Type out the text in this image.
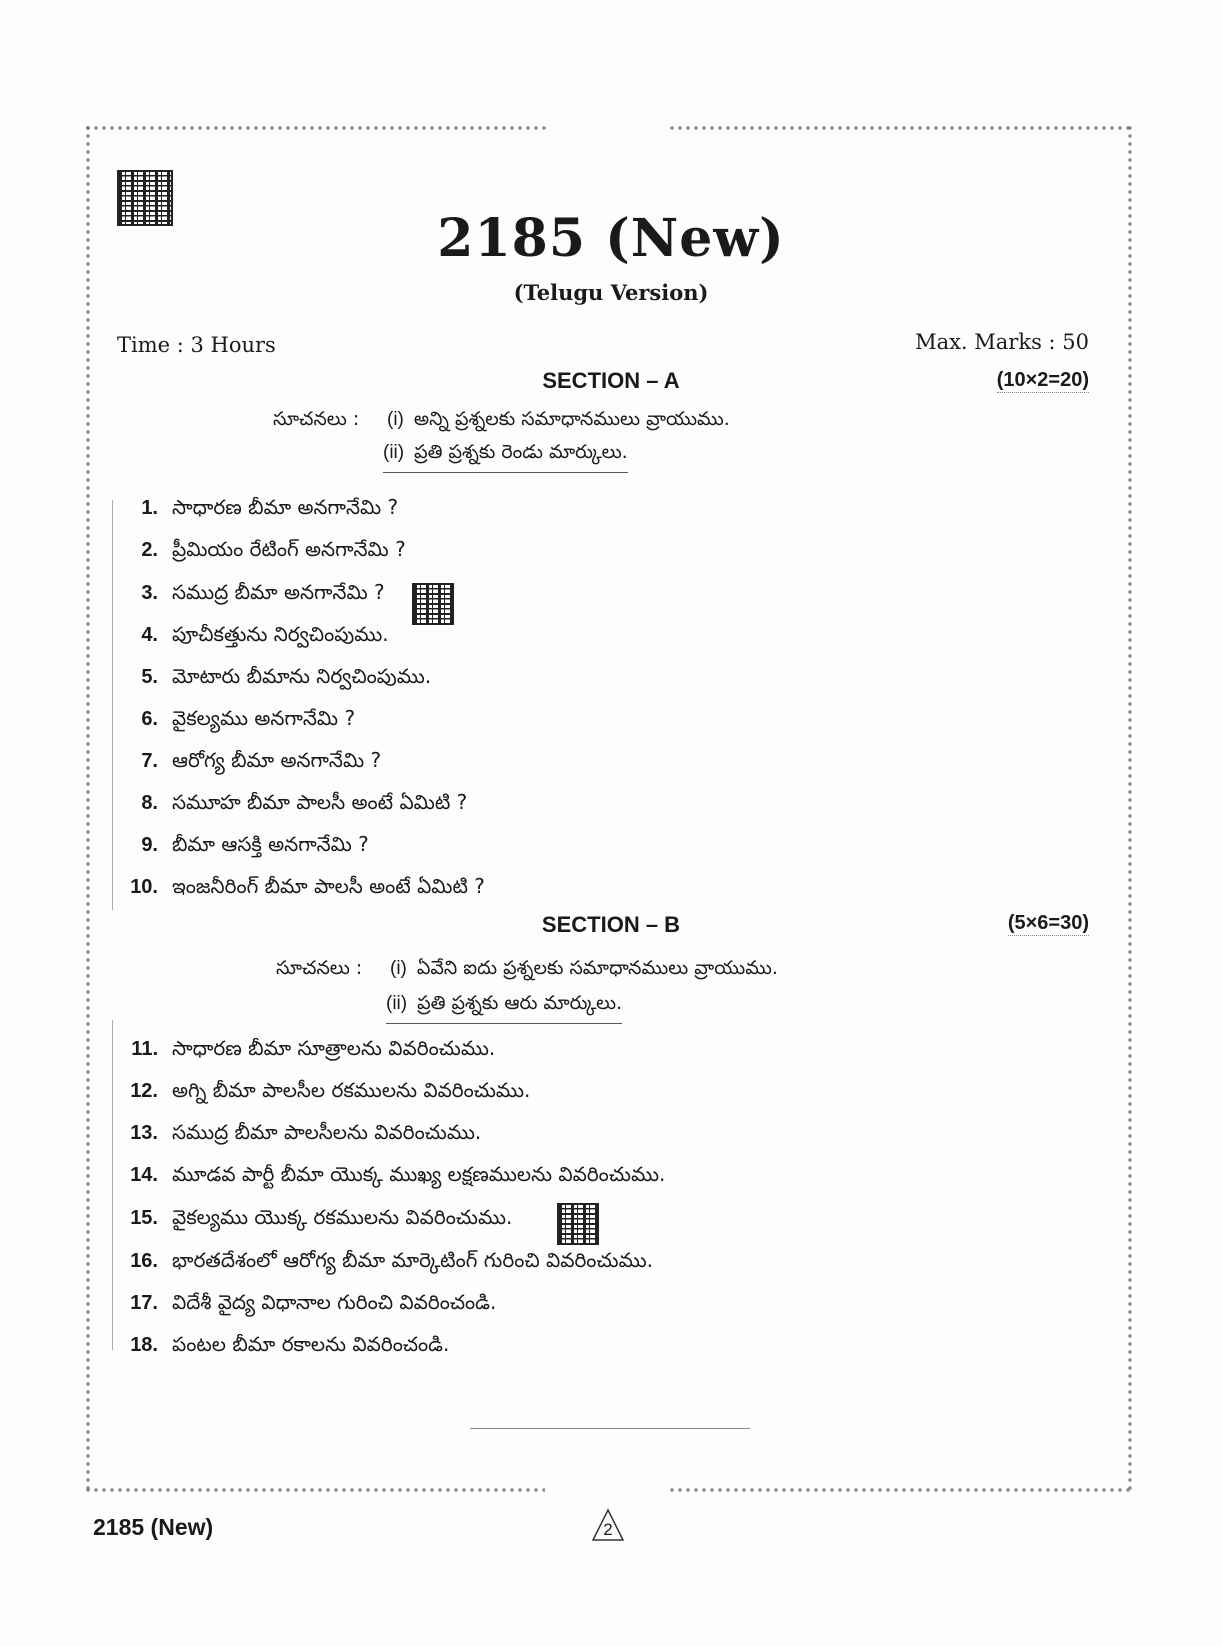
2185 (New)
(Telugu Version)
Time : 3 Hours	Max. Marks : 50
SECTION – A	(10×2=20)
సూచనలు : (i) అన్ని ప్రశ్నలకు సమాధానములు వ్రాయుము.
(ii) ప్రతి ప్రశ్నకు రెండు మార్కులు.
1. సాధారణ బీమా అనగానేమి ?
2. ప్రీమియం రేటింగ్ అనగానేమి ?
3. సముద్ర బీమా అనగానేమి ?
4. పూచీకత్తును నిర్వచింపుము.
5. మోటారు బీమాను నిర్వచింపుము.
6. వైకల్యము అనగానేమి ?
7. ఆరోగ్య బీమా అనగానేమి ?
8. సమూహ బీమా పాలసీ అంటే ఏమిటి ?
9. బీమా ఆసక్తి అనగానేమి ?
10. ఇంజనీరింగ్ బీమా పాలసీ అంటే ఏమిటి ?
SECTION – B	(5×6=30)
సూచనలు : (i) ఏవేని ఐదు ప్రశ్నలకు సమాధానములు వ్రాయుము.
(ii) ప్రతి ప్రశ్నకు ఆరు మార్కులు.
11. సాధారణ బీమా సూత్రాలను వివరించుము.
12. అగ్ని బీమా పాలసీల రకములను వివరించుము.
13. సముద్ర బీమా పాలసీలను వివరించుము.
14. మూడవ పార్టీ బీమా యొక్క ముఖ్య లక్షణములను వివరించుము.
15. వైకల్యము యొక్క రకములను వివరించుము.
16. భారతదేశంలో ఆరోగ్య బీమా మార్కెటింగ్ గురించి వివరించుము.
17. విదేశీ వైద్య విధానాల గురించి వివరించండి.
18. పంటల బీమా రకాలను వివరించండి.
2185 (New)	2
